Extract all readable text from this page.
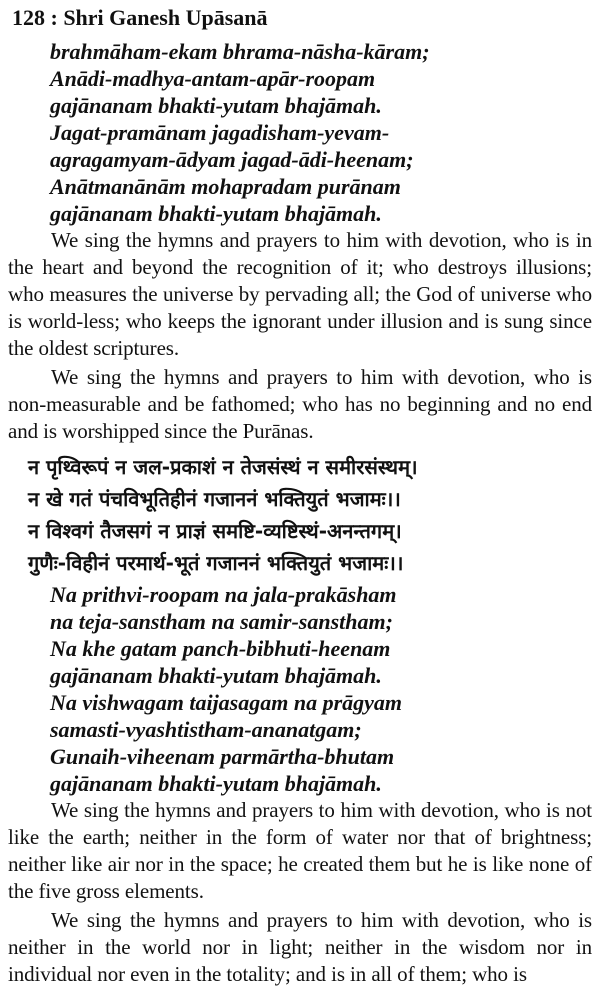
128 : Shri Ganesh Upāsanā
brahmāham-ekam bhrama-nāsha-kāram;
Anādi-madhya-antam-apār-roopam
gajānanam bhakti-yutam bhajāmah.
Jagat-pramānam jagadisham-yevam-
agragamyam-ādyam jagad-ādi-heenam;
Anātmanānām mohapradam purānam
gajānanam bhakti-yutam bhajāmah.

We sing the hymns and prayers to him with devotion, who is in the heart and beyond the recognition of it; who destroys illusions; who measures the universe by pervading all; the God of universe who is world-less; who keeps the ignorant under illusion and is sung since the oldest scriptures.

We sing the hymns and prayers to him with devotion, who is non-measurable and be fathomed; who has no beginning and no end and is worshipped since the Purānas.

न पृथ्विरूपं न जल-प्रकाशं न तेजसंस्थं न समीरसंस्थम्।
न खे गतं पंचविभूतिहीनं गजाननं भक्तियुतं भजामः।।
न विश्वगं तैजसगं न प्राज्ञं समष्टि-व्यष्टिस्थं-अनन्तगम्।
गुणैः-विहीनं परमार्थ-भूतं गजाननं भक्तियुतं भजामः।।
Na prithvi-roopam na jala-prakāsham
na teja-sanstham na samir-sanstham;
Na khe gatam panch-bibhuti-heenam
gajānanam bhakti-yutam bhajāmah.
Na vishwagam taijasagam na prāgyam
samasti-vyashtistham-ananatgam;
Gunaih-viheenam parmārtha-bhutam
gajānanam bhakti-yutam bhajāmah.

We sing the hymns and prayers to him with devotion, who is not like the earth; neither in the form of water nor that of brightness; neither like air nor in the space; he created them but he is like none of the five gross elements.

We sing the hymns and prayers to him with devotion, who is neither in the world nor in light; neither in the wisdom nor in individual nor even in the totality; and is in all of them; who is
